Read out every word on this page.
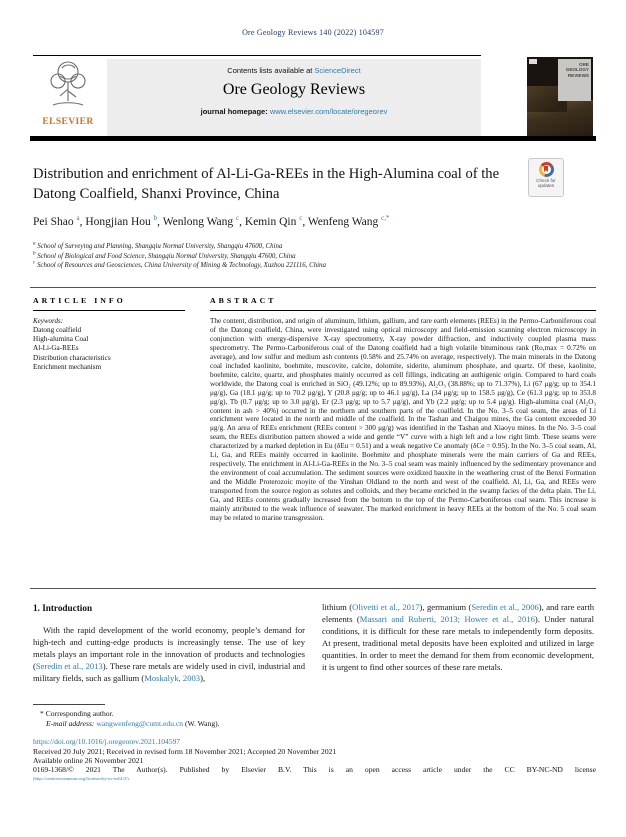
Ore Geology Reviews 140 (2022) 104597
ELSEVIER
Contents lists available at ScienceDirect
Ore Geology Reviews
journal homepage: www.elsevier.com/locate/oregeorev
ORE GEOLOGY REVIEWS
Distribution and enrichment of Al-Li-Ga-REEs in the High-Alumina coal of the Datong Coalfield, Shanxi Province, China
Check for updates
Pei Shao $^a$, Hongjian Hou $^b$, Wenlong Wang $^c$, Kemin Qin $^c$, Wenfeng Wang $^{c,*}$
$^a$ School of Surveying and Planning, Shangqiu Normal University, Shangqiu 47600, China
$^b$ School of Biological and Food Science, Shangqiu Normal University, Shangqiu 47600, China
$^c$ School of Resources and Geosciences, China University of Mining & Technology, Xuzhou 221116, China
ARTICLE INFO
Keywords:
Datong coalfield
High-alumina Coal
Al-Li-Ga-REEs
Distribution characteristics
Enrichment mechanism
ABSTRACT
The content, distribution, and origin of aluminum, lithium, gallium, and rare earth elements (REEs) in the Permo-Carboniferous coal of the Datong coalfield, China, were investigated using optical microscopy and field-emission scanning electron microscopy in conjunction with energy-dispersive X-ray spectrometry, X-ray powder diffraction, and inductively coupled plasma mass spectrometry. The Permo-Carboniferous coal of the Datong coalfield had a high volatile bituminous rank (Ro,max = 0.72% on average), and low sulfur and medium ash contents (0.58% and 25.74% on average, respectively). The main minerals in the Datong coal included kaolinite, boehmite, muscovite, calcite, dolomite, siderite, aluminum phosphate, and quartz. Of these, kaolinite, boehmite, calcite, quartz, and phosphates mainly occurred as cell fillings, indicating an authigenic origin. Compared to hard coals worldwide, the Datong coal is enriched in SiO₂ (49.12%; up to 89.93%), Al₂O₃ (38.88%; up to 71.37%), Li (67 μg/g; up to 354.1 μg/g), Ga (18.1 μg/g; up to 70.2 μg/g), Y (20.8 μg/g; up to 46.1 μg/g), La (34 μg/g; up to 158.5 μg/g), Ce (61.3 μg/g; up to 353.8 μg/g), Tb (0.7 μg/g; up to 3.0 μg/g), Er (2.3 μg/g; up to 5.7 μg/g), and Yb (2.2 μg/g; up to 5.4 μg/g). High-alumina coal (Al₂O₃ content in ash > 40%) occurred in the northern and southern parts of the coalfield. In the No. 3–5 coal seam, the areas of Li enrichment were located in the north and middle of the coalfield. In the Tashan and Chaigou mines, the Ga content exceeded 30 μg/g. An area of REEs enrichment (REEs content > 300 μg/g) was identified in the Tashan and Xiaoyu mines. In the No. 3–5 coal seam, the REEs distribution pattern showed a wide and gentle “V” curve with a high left and a low right limb. These seams were characterized by a marked depletion in Eu (δEu = 0.51) and a weak negative Ce anomaly (δCe = 0.95). In the No. 3–5 coal seam, Al, Li, Ga, and REEs mainly occurred in kaolinite. Boehmite and phosphate minerals were the main carriers of Ga and REEs, respectively. The enrichment in Al-Li-Ga-REEs in the No. 3–5 coal seam was mainly influenced by the sedimentary provenance and the environment of coal accumulation. The sediment sources were oxidized bauxite in the weathering crust of the Benxi Formation and the Middle Proterozoic moyite of the Yinshan Oldland to the north and west of the coalfield. Al, Li, Ga, and REEs were transported from the source region as solutes and colloids, and they became enriched in the swamp facies of the delta plain. The Li, Ga, and REEs contents gradually increased from the bottom to the top of the Permo-Carboniferous coal seam. This increase is mainly attributed to the weak influence of seawater. The marked enrichment in heavy REEs at the bottom of the No. 5 coal seam may be related to marine transgression.
1. Introduction
With the rapid development of the world economy, people’s demand for high-tech and cutting-edge products is increasingly tense. The use of key metals plays an important role in the innovation of products and technologies (Seredin et al., 2013). These rare metals are widely used in civil, industrial and military fields, such as gallium (Moskalyk, 2003),
lithium (Olivetti et al., 2017), germanium (Seredin et al., 2006), and rare earth elements (Massari and Ruberti, 2013; Hower et al., 2016). Under natural conditions, it is difficult for these rare metals to independently form deposits. At present, traditional metal deposits have been exploited and utilized in large quantities. In order to meet the demand for them from economic development, it is urgent to find other sources of these rare metals.
* Corresponding author.
E-mail address: wangwenfeng@cumt.edu.cn (W. Wang).
https://doi.org/10.1016/j.oregeorev.2021.104597
Received 20 July 2021; Received in revised form 18 November 2021; Accepted 20 November 2021
Available online 26 November 2021
0169-1368/© 2021 The Author(s). Published by Elsevier B.V. This is an open access article under the CC BY-NC-ND license
(http://creativecommons.org/licenses/by-nc-nd/4.0/).
